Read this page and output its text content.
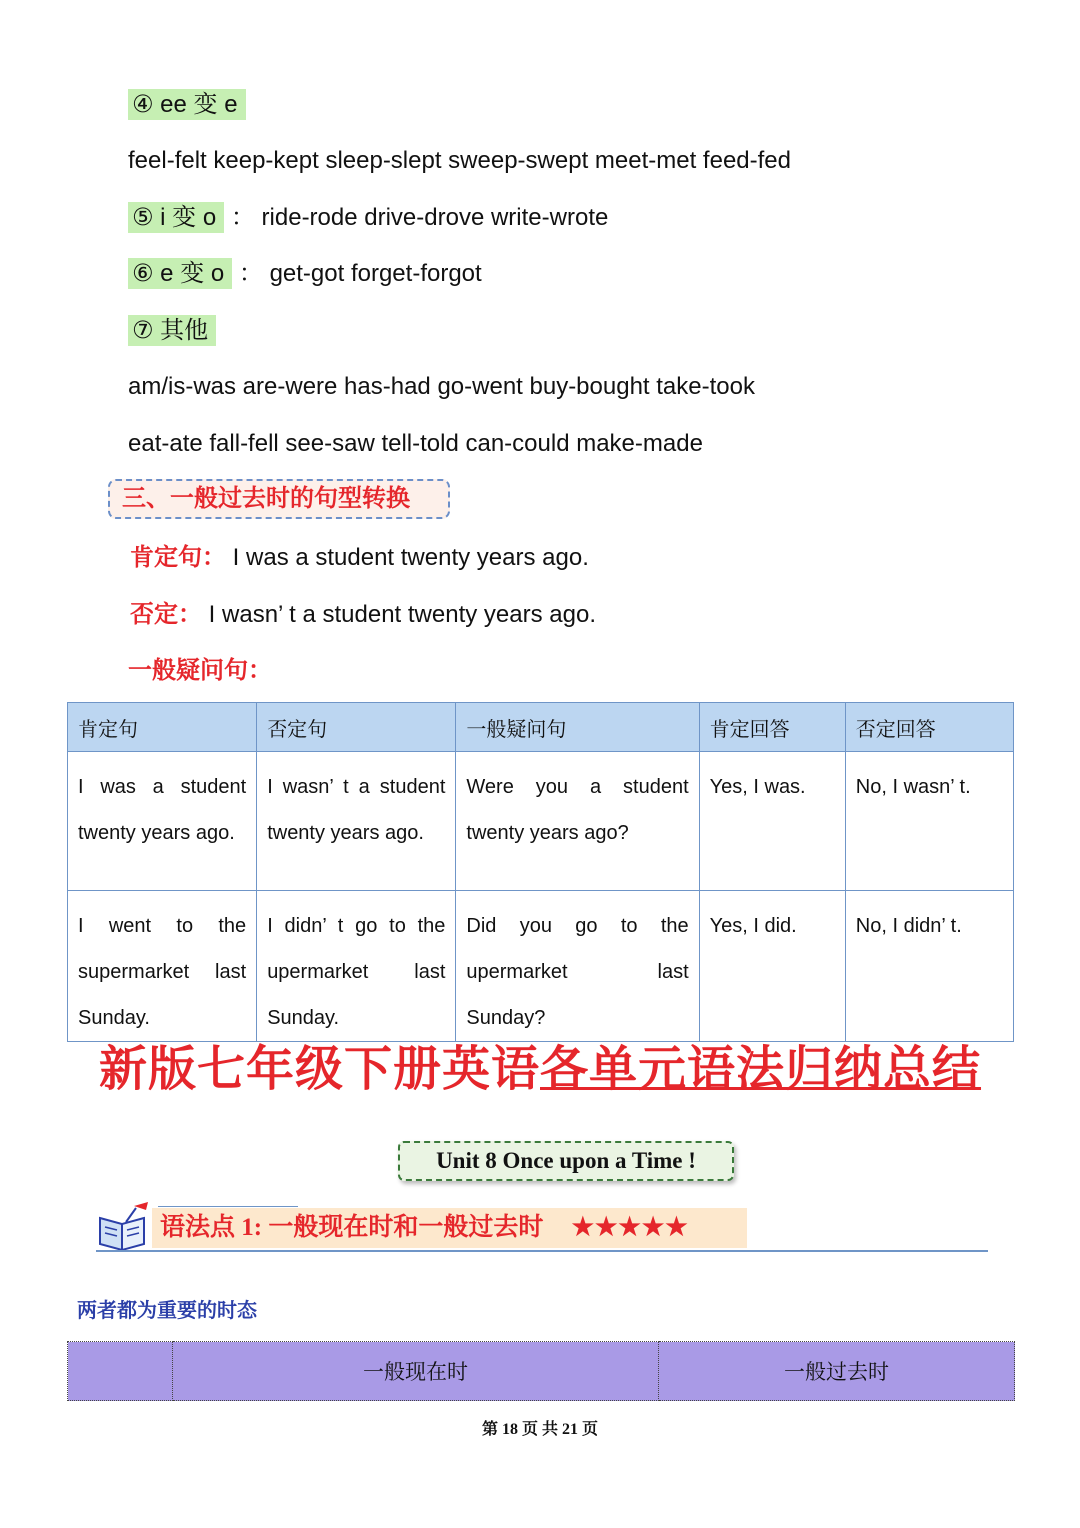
④ ee 变 e
feel-felt keep-kept sleep-slept sweep-swept meet-met feed-fed
⑤ i 变 o ： ride-rode drive-drove write-wrote
⑥ e 变 o ： get-got forget-forgot
⑦ 其他
am/is-was are-were has-had go-went buy-bought take-took
eat-ate fall-fell see-saw tell-told can-could make-made
三、一般过去时的句型转换
肯定句： I was a student twenty years ago.
否定： I wasn’ t a student twenty years ago.
一般疑问句：
肯定句	否定句	一般疑问句	肯定回答	否定回答
I was a student twenty years ago.	I wasn’ t a student twenty years ago.	Were you a student twenty years ago?	Yes, I was.	No, I wasn’ t.
I went to the supermarket last Sunday.	I didn’ t go to the upermarket last Sunday.	Did you go to the upermarket last Sunday?	Yes, I did.	No, I didn’ t.
新版七年级下册英语各单元语法归纳总结
Unit 8 Once upon a Time !
语法点 1: 一般现在时和一般过去时 ★★★★★
两者都为重要的时态
	一般现在时	一般过去时
第 18 页 共 21 页
